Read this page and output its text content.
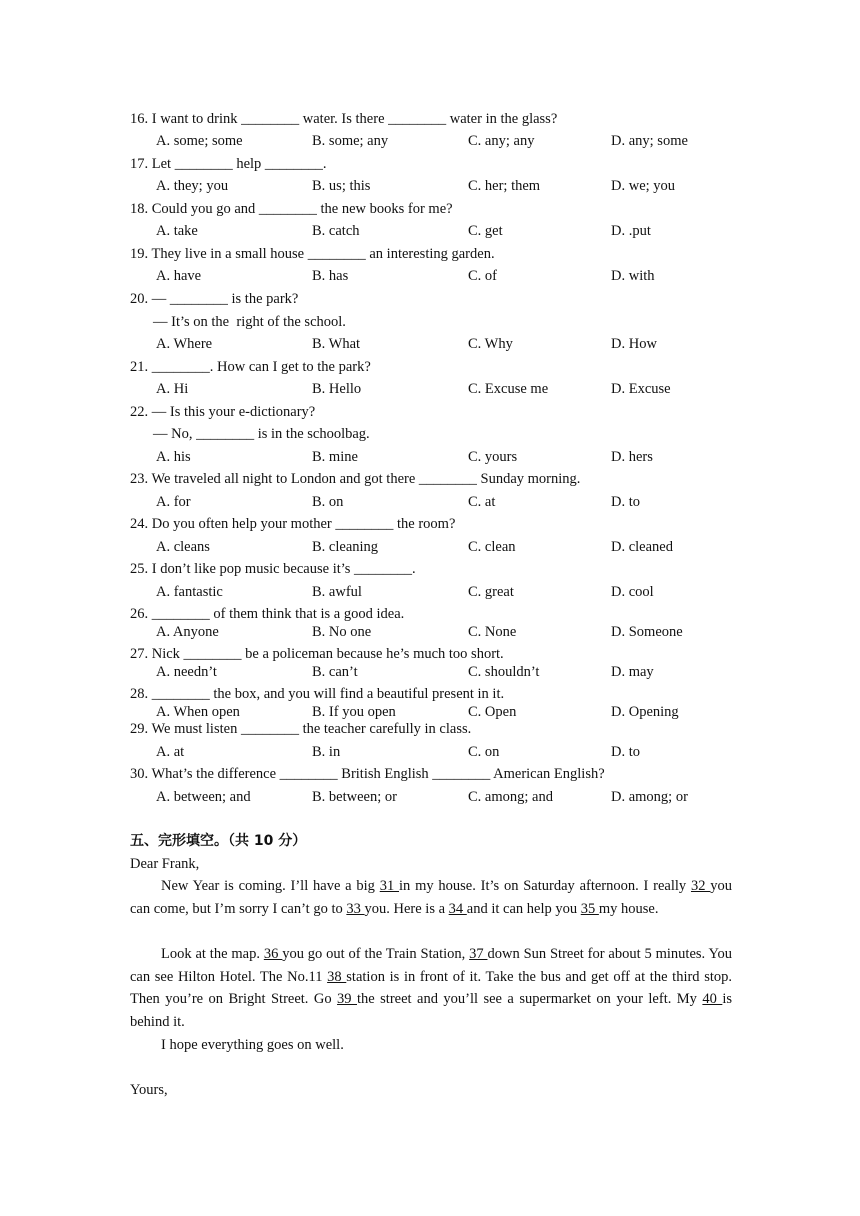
16. I want to drink ________ water. Is there ________ water in the glass?
A. some; some	B. some; any	C. any; any	D. any; some
17. Let ________ help ________.
A. they; you	B. us; this	C. her; them	D. we; you
18. Could you go and ________ the new books for me?
A. take	B. catch	C. get	D. .put
19. They live in a small house ________ an interesting garden.
A. have	B. has	C. of	D. with
20. — ________ is the park?
— It’s on the  right of the school.
A. Where	B. What	C. Why	D. How
21. ________. How can I get to the park?
A. Hi	B. Hello	C. Excuse me	D. Excuse
22. — Is this your e-dictionary?
— No, ________ is in the schoolbag.
A. his	B. mine	C. yours	D. hers
23. We traveled all night to London and got there ________ Sunday morning.
A. for	B. on	C. at	D. to
24. Do you often help your mother ________ the room?
A. cleans	B. cleaning	C. clean	D. cleaned
25. I don’t like pop music because it’s ________.
A. fantastic	B. awful	C. great	D. cool
26. ________ of them think that is a good idea.
A. Anyone	B. No one	C. None	D. Someone
27. Nick ________ be a policeman because he’s much too short.
A. needn’t	B. can’t	C. shouldn’t	D. may
28. ________ the box, and you will find a beautiful present in it.
A. When open	B. If you open	C. Open	D. Opening
29. We must listen ________ the teacher carefully in class.
A. at	B. in	C. on	D. to
30. What’s the difference ________ British English ________ American English?
A. between; and	B. between; or	C. among; and	D. among; or
五、完形填空。（共 10 分）
Dear Frank,
New Year is coming. I’ll have a big 31 in my house. It’s on Saturday afternoon. I really 32 you can come, but I’m sorry I can’t go to 33 you. Here is a 34 and it can help you 35 my house.
Look at the map. 36 you go out of the Train Station, 37 down Sun Street for about 5 minutes. You can see Hilton Hotel. The No.11 38 station is in front of it. Take the bus and get off at the third stop. Then you’re on Bright Street. Go 39 the street and you’ll see a supermarket on your left. My 40 is behind it.
I hope everything goes on well.
Yours,
